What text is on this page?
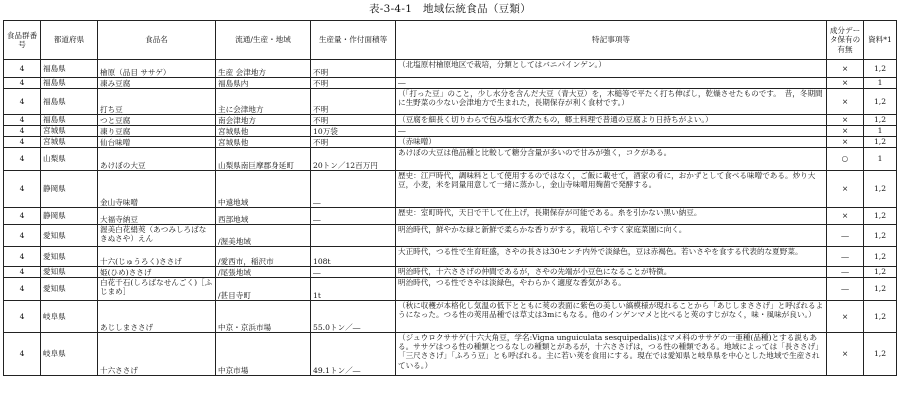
表-3-4-1　地域伝統食品（豆類）
食品群番号	都道府県	食品名	流通/生産・地域	生産量・作付面積等	特記事項等	成分データ保有の有無	資料*1
4	福島県	檜原（品目 ササゲ）	生産 会津地方	不明	（北塩原村檜原地区で栽培，分類としてはバニパインゲン。）	×	1,2
4	福島県	凍み豆腐	福島県内	不明	―	×	1
4	福島県	打ち豆	主に会津地方	不明	（「打った豆」のこと，少し水分を含んだ大豆（青大豆）を，木槌等で平たく打ち伸ばし，乾燥させたものです。　昔，冬期間に生野菜の少ない会津地方で生まれた，長期保存が利く食材です。）	×	1,2
4	福島県	つと豆腐	南会津地方	不明	（豆腐を細長く切りわらで包み塩水で煮たもの，郷土料理で普通の豆腐より日持ちがよい。）	×	1,2
4	宮城県	凍り豆腐	宮城県他	10万袋	―	×	1
4	宮城県	仙台味噌	宮城県他	不明	（赤味噌）	×	1,2
4	山梨県	あけぼの大豆	山梨県南巨摩郡身延町	20トン／12百万円	あけぼの大豆は他品種と比較して糖分含量が多いので甘みが強く，コクがある。	○	1
4	静岡県	金山寺味噌	中遠地域	―	歴史：江戸時代，調味料として使用するのではなく，ご飯に載せて，酒家の肴に，おかずとして食べる味噌である。炒り大豆，小麦，米を同量用意して一緒に蒸かし，金山寺味噌用麹菌で発酵する。	×	1,2
4	静岡県	大福寺納豆	西部地域	―	歴史：室町時代，天日で干して仕上げ，長期保存が可能である。糸を引かない黒い納豆。	×	1,2
4	愛知県	渥美白花絹莢（あつみしろばなきぬさや）えん	/渥美地域		明治時代，鮮やかな緑と新鮮で柔らかな香りがする，栽培しやすく家庭菜園に向く。	―	1,2
4	愛知県	十六(じゅうろく)ささげ	/愛西市，稲沢市	108t	大正時代，つる性で生育旺盛，さやの長さは30センチ内外で淡緑色，豆は赤褐色。若いさやを食する代表的な夏野菜。	―	1,2
4	愛知県	姫(ひめ)ささげ	/尾張地域	―	明治時代，十六ささげの仲間であるが，さやの先端が小豆色になることが特徴。	―	1,2
4	愛知県	白花千石(しろばなせんごく)［ふじまめ］	/甚目寺町	1t	明治時代，つる性でさやは淡緑色，やわらかく適度な香気がある。	―	1,2
4	岐阜県	あじしまささげ	中京・京浜市場	55.0トン／―	（秋に収穫が本格化し気温の低下とともに莢の表面に紫色の美しい縞模様が現れることから「あじしまささげ」と呼ばれるようになった。つる性の莢用品種では草丈は3mにもなる。他のインゲンマメと比べると莢のすじがなく，味・風味が良い。）	×	1,2
4	岐阜県	十六ささげ	中京市場	49.1トン／―	（ジュウロクササゲ(十六大角豆，学名:Vigna unguiculata sesquipedalis)はマメ科のササゲの一亜種(品種)とする説もある。ササゲはつる性の種類とつるなしの種類とがあるが，十六ささげは，つる性の種類である。地域によっては「長ささげ」「三尺ささげ」「ふろう豆」とも呼ばれる。主に若い莢を食用にする。現在では愛知県と岐阜県を中心とした地域で生産されている。）	×	1,2
